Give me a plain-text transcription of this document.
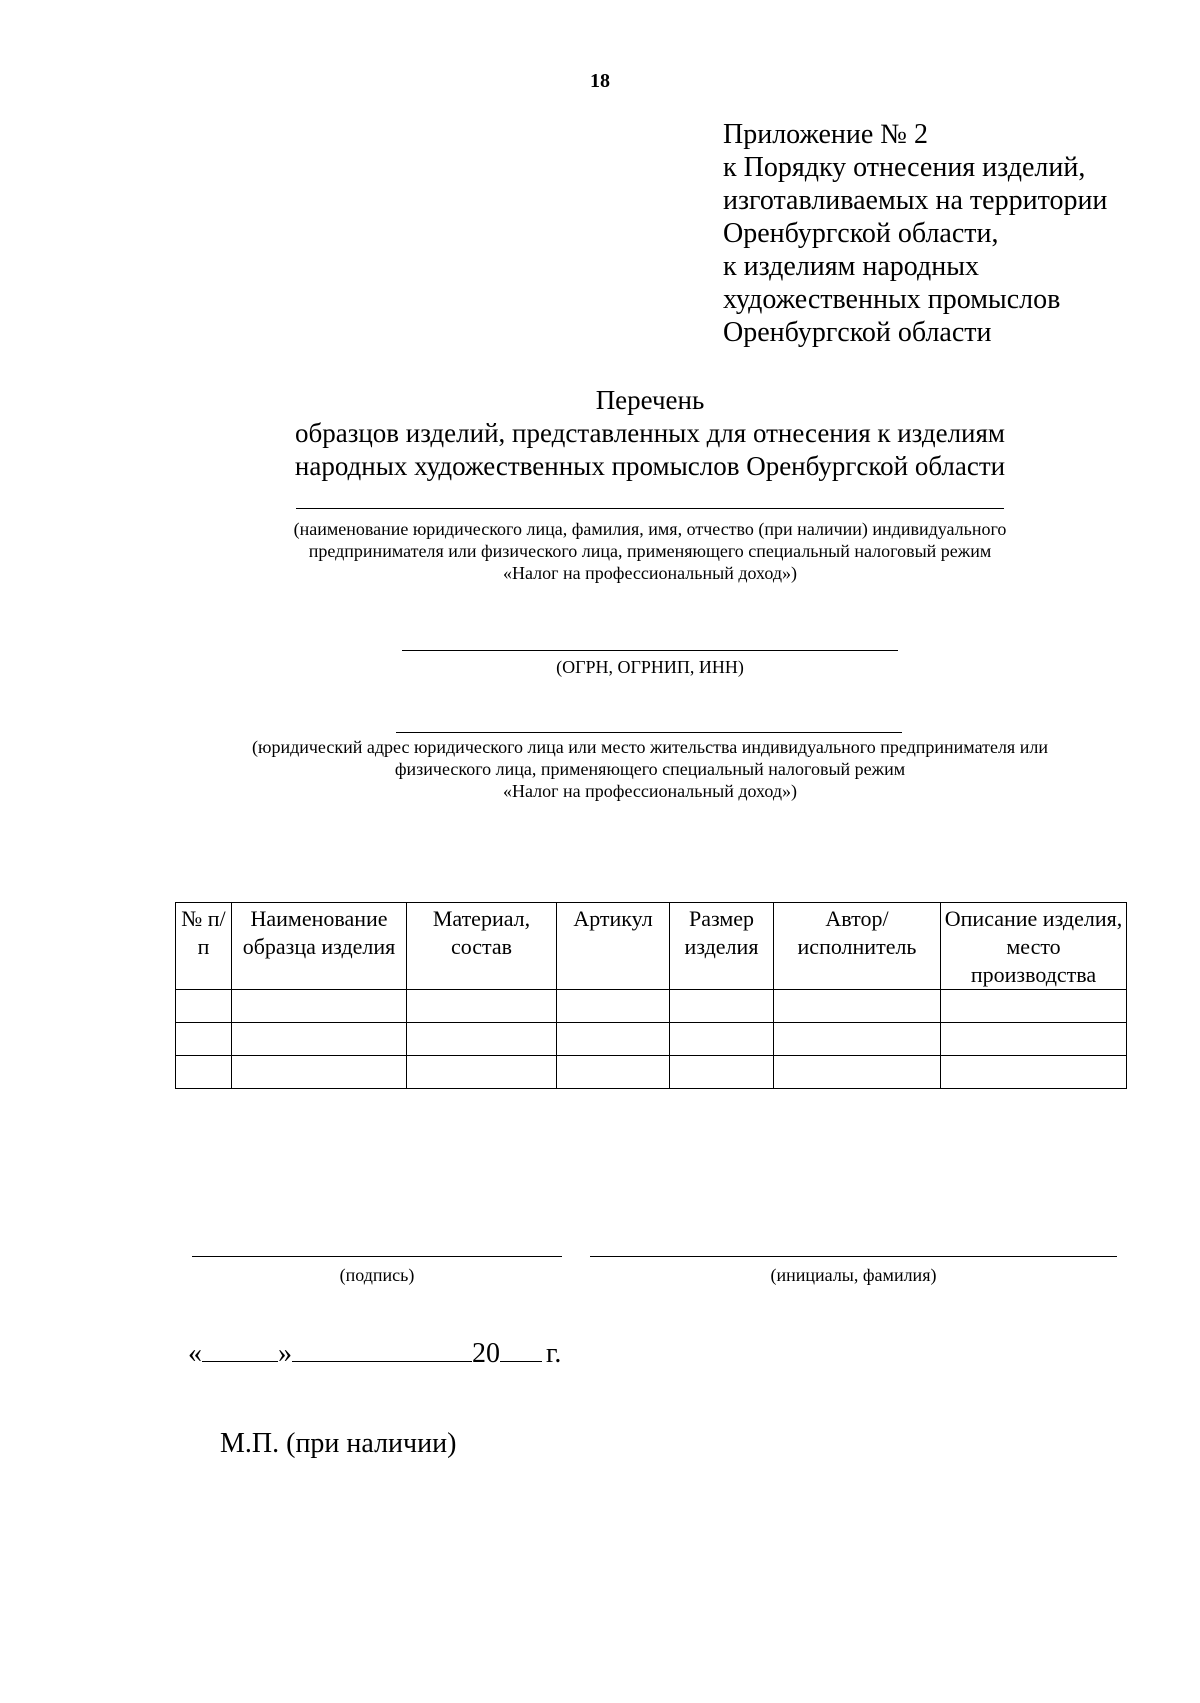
18
Приложение № 2
к Порядку отнесения изделий,
изготавливаемых на территории
Оренбургской области,
к изделиям народных
художественных промыслов
Оренбургской области
Перечень
образцов изделий, представленных для отнесения к изделиям
народных художественных промыслов Оренбургской области
(наименование юридического лица, фамилия, имя, отчество (при наличии) индивидуального
предпринимателя или физического лица, применяющего специальный налоговый режим
«Налог на профессиональный доход»)
(ОГРН, ОГРНИП, ИНН)
(юридический адрес юридического лица или место жительства индивидуального предпринимателя или
физического лица, применяющего специальный налоговый режим
«Налог на профессиональный доход»)
№ п/п	Наименование образца изделия	Материал, состав	Артикул	Размер изделия	Автор/ исполнитель	Описание изделия, место производства

(подпись)	(инициалы, фамилия)
«	»	20 г.
М.П. (при наличии)
